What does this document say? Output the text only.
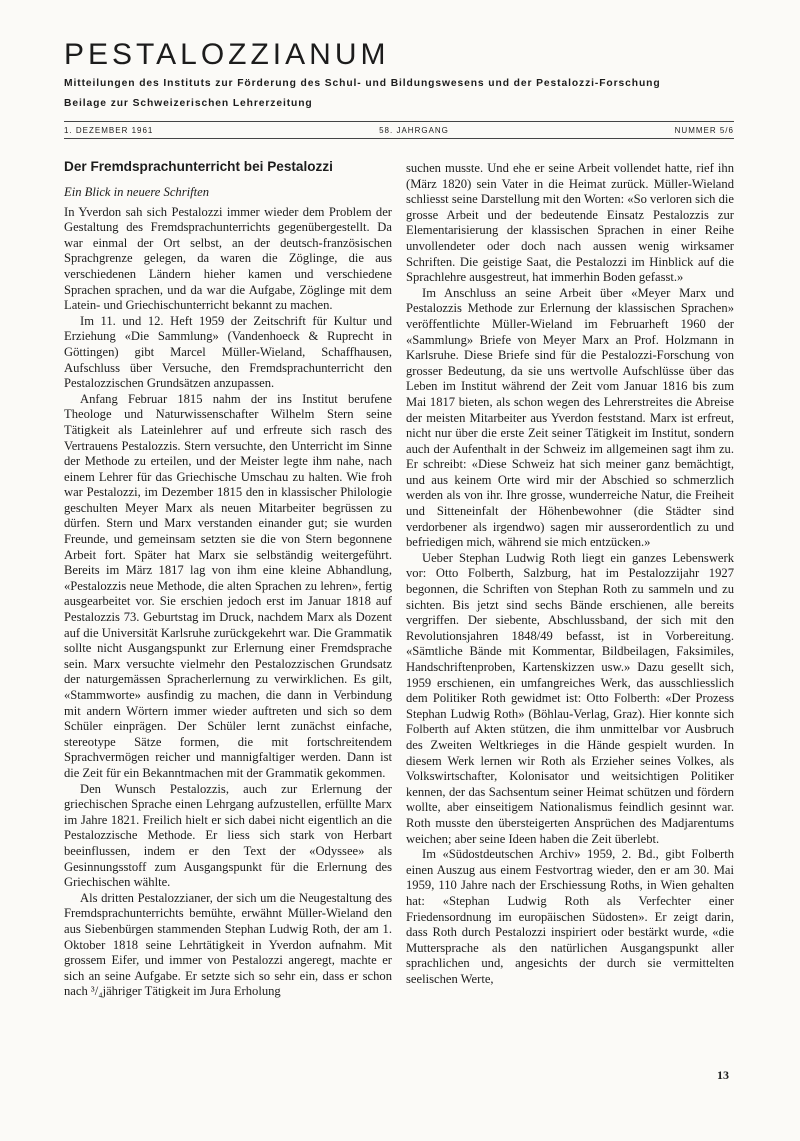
PESTALOZZIANUM
Mitteilungen des Instituts zur Förderung des Schul- und Bildungswesens und der Pestalozzi-Forschung
Beilage zur Schweizerischen Lehrerzeitung
1. DEZEMBER 1961	58. JAHRGANG	NUMMER 5/6
Der Fremdsprachunterricht bei Pestalozzi
Ein Blick in neuere Schriften

In Yverdon sah sich Pestalozzi immer wieder dem Problem der Gestaltung des Fremdsprachunterrichts gegenübergestellt. Da war einmal der Ort selbst, an der deutsch-französischen Sprachgrenze gelegen, da waren die Zöglinge, die aus verschiedenen Ländern hieher kamen und verschiedene Sprachen sprachen, und da war die Aufgabe, Zöglinge mit dem Latein- und Griechischunterricht bekannt zu machen.

Im 11. und 12. Heft 1959 der Zeitschrift für Kultur und Erziehung «Die Sammlung» (Vandenhoeck & Ruprecht in Göttingen) gibt Marcel Müller-Wieland, Schaffhausen, Aufschluss über Versuche, den Fremdsprachunterricht den Pestalozzischen Grundsätzen anzupassen.

Anfang Februar 1815 nahm der ins Institut berufene Theologe und Naturwissenschafter Wilhelm Stern seine Tätigkeit als Lateinlehrer auf und erfreute sich rasch des Vertrauens Pestalozzis. Stern versuchte, den Unterricht im Sinne der Methode zu erteilen, und der Meister legte ihm nahe, nach einem Lehrer für das Griechische Umschau zu halten. Wie froh war Pestalozzi, im Dezember 1815 den in klassischer Philologie geschulten Meyer Marx als neuen Mitarbeiter begrüssen zu dürfen. Stern und Marx verstanden einander gut; sie wurden Freunde, und gemeinsam setzten sie die von Stern begonnene Arbeit fort. Später hat Marx sie selbständig weitergeführt. Bereits im März 1817 lag von ihm eine kleine Abhandlung, «Pestalozzis neue Methode, die alten Sprachen zu lehren», fertig ausgearbeitet vor. Sie erschien jedoch erst im Januar 1818 auf Pestalozzis 73. Geburtstag im Druck, nachdem Marx als Dozent auf die Universität Karlsruhe zurückgekehrt war. Die Grammatik sollte nicht Ausgangspunkt zur Erlernung einer Fremdsprache sein. Marx versuchte vielmehr den Pestalozzischen Grundsatz der naturgemässen Spracherlernung zu verwirklichen. Es gilt, «Stammworte» ausfindig zu machen, die dann in Verbindung mit andern Wörtern immer wieder auftreten und sich so dem Schüler einprägen. Der Schüler lernt zunächst einfache, stereotype Sätze formen, die mit fortschreitendem Sprachvermögen reicher und mannigfaltiger werden. Dann ist die Zeit für ein Bekanntmachen mit der Grammatik gekommen.

Den Wunsch Pestalozzis, auch zur Erlernung der griechischen Sprache einen Lehrgang aufzustellen, erfüllte Marx im Jahre 1821. Freilich hielt er sich dabei nicht eigentlich an die Pestalozzische Methode. Er liess sich stark von Herbart beeinflussen, indem er den Text der «Odyssee» als Gesinnungsstoff zum Ausgangspunkt für die Erlernung des Griechischen wählte.

Als dritten Pestalozzianer, der sich um die Neugestaltung des Fremdsprachunterrichts bemühte, erwähnt Müller-Wieland den aus Siebenbürgen stammenden Stephan Ludwig Roth, der am 1. Oktober 1818 seine Lehrtätigkeit in Yverdon aufnahm. Mit grossem Eifer, und immer von Pestalozzi angeregt, machte er sich an seine Aufgabe. Er setzte sich so sehr ein, dass er schon nach ³/₄jähriger Tätigkeit im Jura Erholung

suchen musste. Und ehe er seine Arbeit vollendet hatte, rief ihn (März 1820) sein Vater in die Heimat zurück. Müller-Wieland schliesst seine Darstellung mit den Worten: «So verloren sich die grosse Arbeit und der bedeutende Einsatz Pestalozzis zur Elementarisierung der klassischen Sprachen in einer Reihe unvollendeter oder doch nach aussen wenig wirksamer Schriften. Die geistige Saat, die Pestalozzi im Hinblick auf die Sprachlehre ausgestreut, hat immerhin Boden gefasst.»

Im Anschluss an seine Arbeit über «Meyer Marx und Pestalozzis Methode zur Erlernung der klassischen Sprachen» veröffentlichte Müller-Wieland im Februarheft 1960 der «Sammlung» Briefe von Meyer Marx an Prof. Holzmann in Karlsruhe. Diese Briefe sind für die Pestalozzi-Forschung von grosser Bedeutung, da sie uns wertvolle Aufschlüsse über das Leben im Institut während der Zeit vom Januar 1816 bis zum Mai 1817 bieten, als schon wegen des Lehrerstreites die Abreise der meisten Mitarbeiter aus Yverdon feststand. Marx ist erfreut, nicht nur über die erste Zeit seiner Tätigkeit im Institut, sondern auch der Aufenthalt in der Schweiz im allgemeinen sagt ihm zu. Er schreibt: «Diese Schweiz hat sich meiner ganz bemächtigt, und aus keinem Orte wird mir der Abschied so schmerzlich werden als von ihr. Ihre grosse, wunderreiche Natur, die Freiheit und Sitteneinfalt der Höhenbewohner (die Städter sind verdorbener als irgendwo) sagen mir ausserordentlich zu und befriedigen mich, während sie mich entzücken.»

Ueber Stephan Ludwig Roth liegt ein ganzes Lebenswerk vor: Otto Folberth, Salzburg, hat im Pestalozzijahr 1927 begonnen, die Schriften von Stephan Roth zu sammeln und zu sichten. Bis jetzt sind sechs Bände erschienen, alle bereits vergriffen. Der siebente, Abschlussband, der sich mit den Revolutionsjahren 1848/49 befasst, ist in Vorbereitung. «Sämtliche Bände mit Kommentar, Bildbeilagen, Faksimiles, Handschriftenproben, Kartenskizzen usw.» Dazu gesellt sich, 1959 erschienen, ein umfangreiches Werk, das ausschliesslich dem Politiker Roth gewidmet ist: Otto Folberth: «Der Prozess Stephan Ludwig Roth» (Böhlau-Verlag, Graz). Hier konnte sich Folberth auf Akten stützen, die ihm unmittelbar vor Ausbruch des Zweiten Weltkrieges in die Hände gespielt wurden. In diesem Werk lernen wir Roth als Erzieher seines Volkes, als Volkswirtschafter, Kolonisator und weitsichtigen Politiker kennen, der das Sachsentum seiner Heimat schützen und fördern wollte, aber einseitigem Nationalismus feindlich gesinnt war. Roth musste den übersteigerten Ansprüchen des Madjarentums weichen; aber seine Ideen haben die Zeit überlebt.

Im «Südostdeutschen Archiv» 1959, 2. Bd., gibt Folberth einen Auszug aus einem Festvortrag wieder, den er am 30. Mai 1959, 110 Jahre nach der Erschiessung Roths, in Wien gehalten hat: «Stephan Ludwig Roth als Verfechter einer Friedensordnung im europäischen Südosten». Er zeigt darin, dass Roth durch Pestalozzi inspiriert oder bestärkt wurde, «die Muttersprache als den natürlichen Ausgangspunkt aller sprachlichen und, angesichts der durch sie vermittelten seelischen Werte,

13
